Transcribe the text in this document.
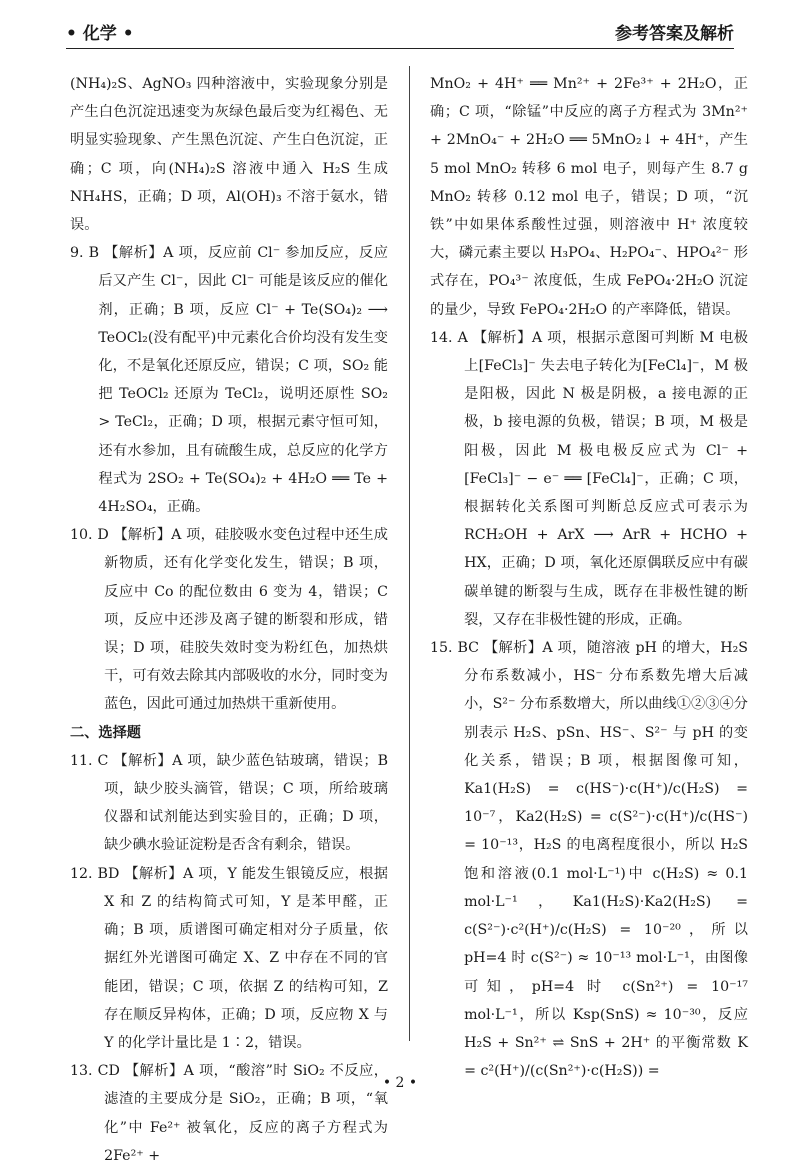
• 化学 •	参考答案及解析

(NH₄)₂S、AgNO₃ 四种溶液中，实验现象分别是产生白色沉淀迅速变为灰绿色最后变为红褐色、无明显实验现象、产生黑色沉淀、产生白色沉淀，正确；C 项，向(NH₄)₂S 溶液中通入 H₂S 生成 NH₄HS，正确；D 项，Al(OH)₃ 不溶于氨水，错误。

9. B 【解析】A 项，反应前 Cl⁻ 参加反应，反应后又产生 Cl⁻，因此 Cl⁻ 可能是该反应的催化剂，正确；B 项，反应 Cl⁻ + Te(SO₄)₂ ⟶ TeOCl₂(没有配平)中元素化合价均没有发生变化，不是氧化还原反应，错误；C 项，SO₂ 能把 TeOCl₂ 还原为 TeCl₂，说明还原性 SO₂ > TeCl₂，正确；D 项，根据元素守恒可知，还有水参加，且有硫酸生成，总反应的化学方程式为 2SO₂ + Te(SO₄)₂ + 4H₂O ══ Te + 4H₂SO₄，正确。

10. D 【解析】A 项，硅胶吸水变色过程中还生成新物质，还有化学变化发生，错误；B 项，反应中 Co 的配位数由 6 变为 4，错误；C 项，反应中还涉及离子键的断裂和形成，错误；D 项，硅胶失效时变为粉红色，加热烘干，可有效去除其内部吸收的水分，同时变为蓝色，因此可通过加热烘干重新使用。

二、选择题

11. C 【解析】A 项，缺少蓝色钴玻璃，错误；B 项，缺少胶头滴管，错误；C 项，所给玻璃仪器和试剂能达到实验目的，正确；D 项，缺少碘水验证淀粉是否含有剩余，错误。

12. BD 【解析】A 项，Y 能发生银镜反应，根据 X 和 Z 的结构简式可知，Y 是苯甲醛，正确；B 项，质谱图可确定相对分子质量，依据红外光谱图可确定 X、Z 中存在不同的官能团，错误；C 项，依据 Z 的结构可知，Z 存在顺反异构体，正确；D 项，反应物 X 与 Y 的化学计量比是 1∶2，错误。

13. CD 【解析】A 项，“酸溶”时 SiO₂ 不反应，滤渣的主要成分是 SiO₂，正确；B 项，“氧化”中 Fe²⁺ 被氧化，反应的离子方程式为 2Fe²⁺ +

MnO₂ + 4H⁺ ══ Mn²⁺ + 2Fe³⁺ + 2H₂O，正确；C 项，“除锰”中反应的离子方程式为 3Mn²⁺ + 2MnO₄⁻ + 2H₂O ══ 5MnO₂↓ + 4H⁺，产生 5 mol MnO₂ 转移 6 mol 电子，则每产生 8.7 g MnO₂ 转移 0.12 mol 电子，错误；D 项，“沉铁”中如果体系酸性过强，则溶液中 H⁺ 浓度较大，磷元素主要以 H₃PO₄、H₂PO₄⁻、HPO₄²⁻ 形式存在，PO₄³⁻ 浓度低，生成 FePO₄·2H₂O 沉淀的量少，导致 FePO₄·2H₂O 的产率降低，错误。

14. A 【解析】A 项，根据示意图可判断 M 电极上[FeCl₃]⁻ 失去电子转化为[FeCl₄]⁻，M 极是阳极，因此 N 极是阴极，a 接电源的正极，b 接电源的负极，错误；B 项，M 极是阳极，因此 M 极电极反应式为 Cl⁻ + [FeCl₃]⁻ − e⁻ ══ [FeCl₄]⁻，正确；C 项，根据转化关系图可判断总反应式可表示为 RCH₂OH + ArX ⟶ ArR + HCHO + HX，正确；D 项，氧化还原偶联反应中有碳碳单键的断裂与生成，既存在非极性键的断裂，又存在非极性键的形成，正确。

15. BC 【解析】A 项，随溶液 pH 的增大，H₂S 分布系数减小，HS⁻ 分布系数先增大后减小，S²⁻ 分布系数增大，所以曲线①②③④分别表示 H₂S、pSn、HS⁻、S²⁻ 与 pH 的变化关系，错误；B 项，根据图像可知，Ka1(H₂S) = c(HS⁻)·c(H⁺)/c(H₂S) = 10⁻⁷，Ka2(H₂S) = c(S²⁻)·c(H⁺)/c(HS⁻) = 10⁻¹³，H₂S 的电离程度很小，所以 H₂S 饱和溶液(0.1 mol·L⁻¹)中 c(H₂S) ≈ 0.1 mol·L⁻¹，Ka1(H₂S)·Ka2(H₂S) = c(S²⁻)·c²(H⁺)/c(H₂S) = 10⁻²⁰，所以 pH=4 时 c(S²⁻) ≈ 10⁻¹³ mol·L⁻¹，由图像可知，pH=4 时 c(Sn²⁺) = 10⁻¹⁷ mol·L⁻¹，所以 Ksp(SnS) ≈ 10⁻³⁰，反应 H₂S + Sn²⁺ ⇌ SnS + 2H⁺ 的平衡常数 K = c²(H⁺)/(c(Sn²⁺)·c(H₂S)) =

• 2 •
